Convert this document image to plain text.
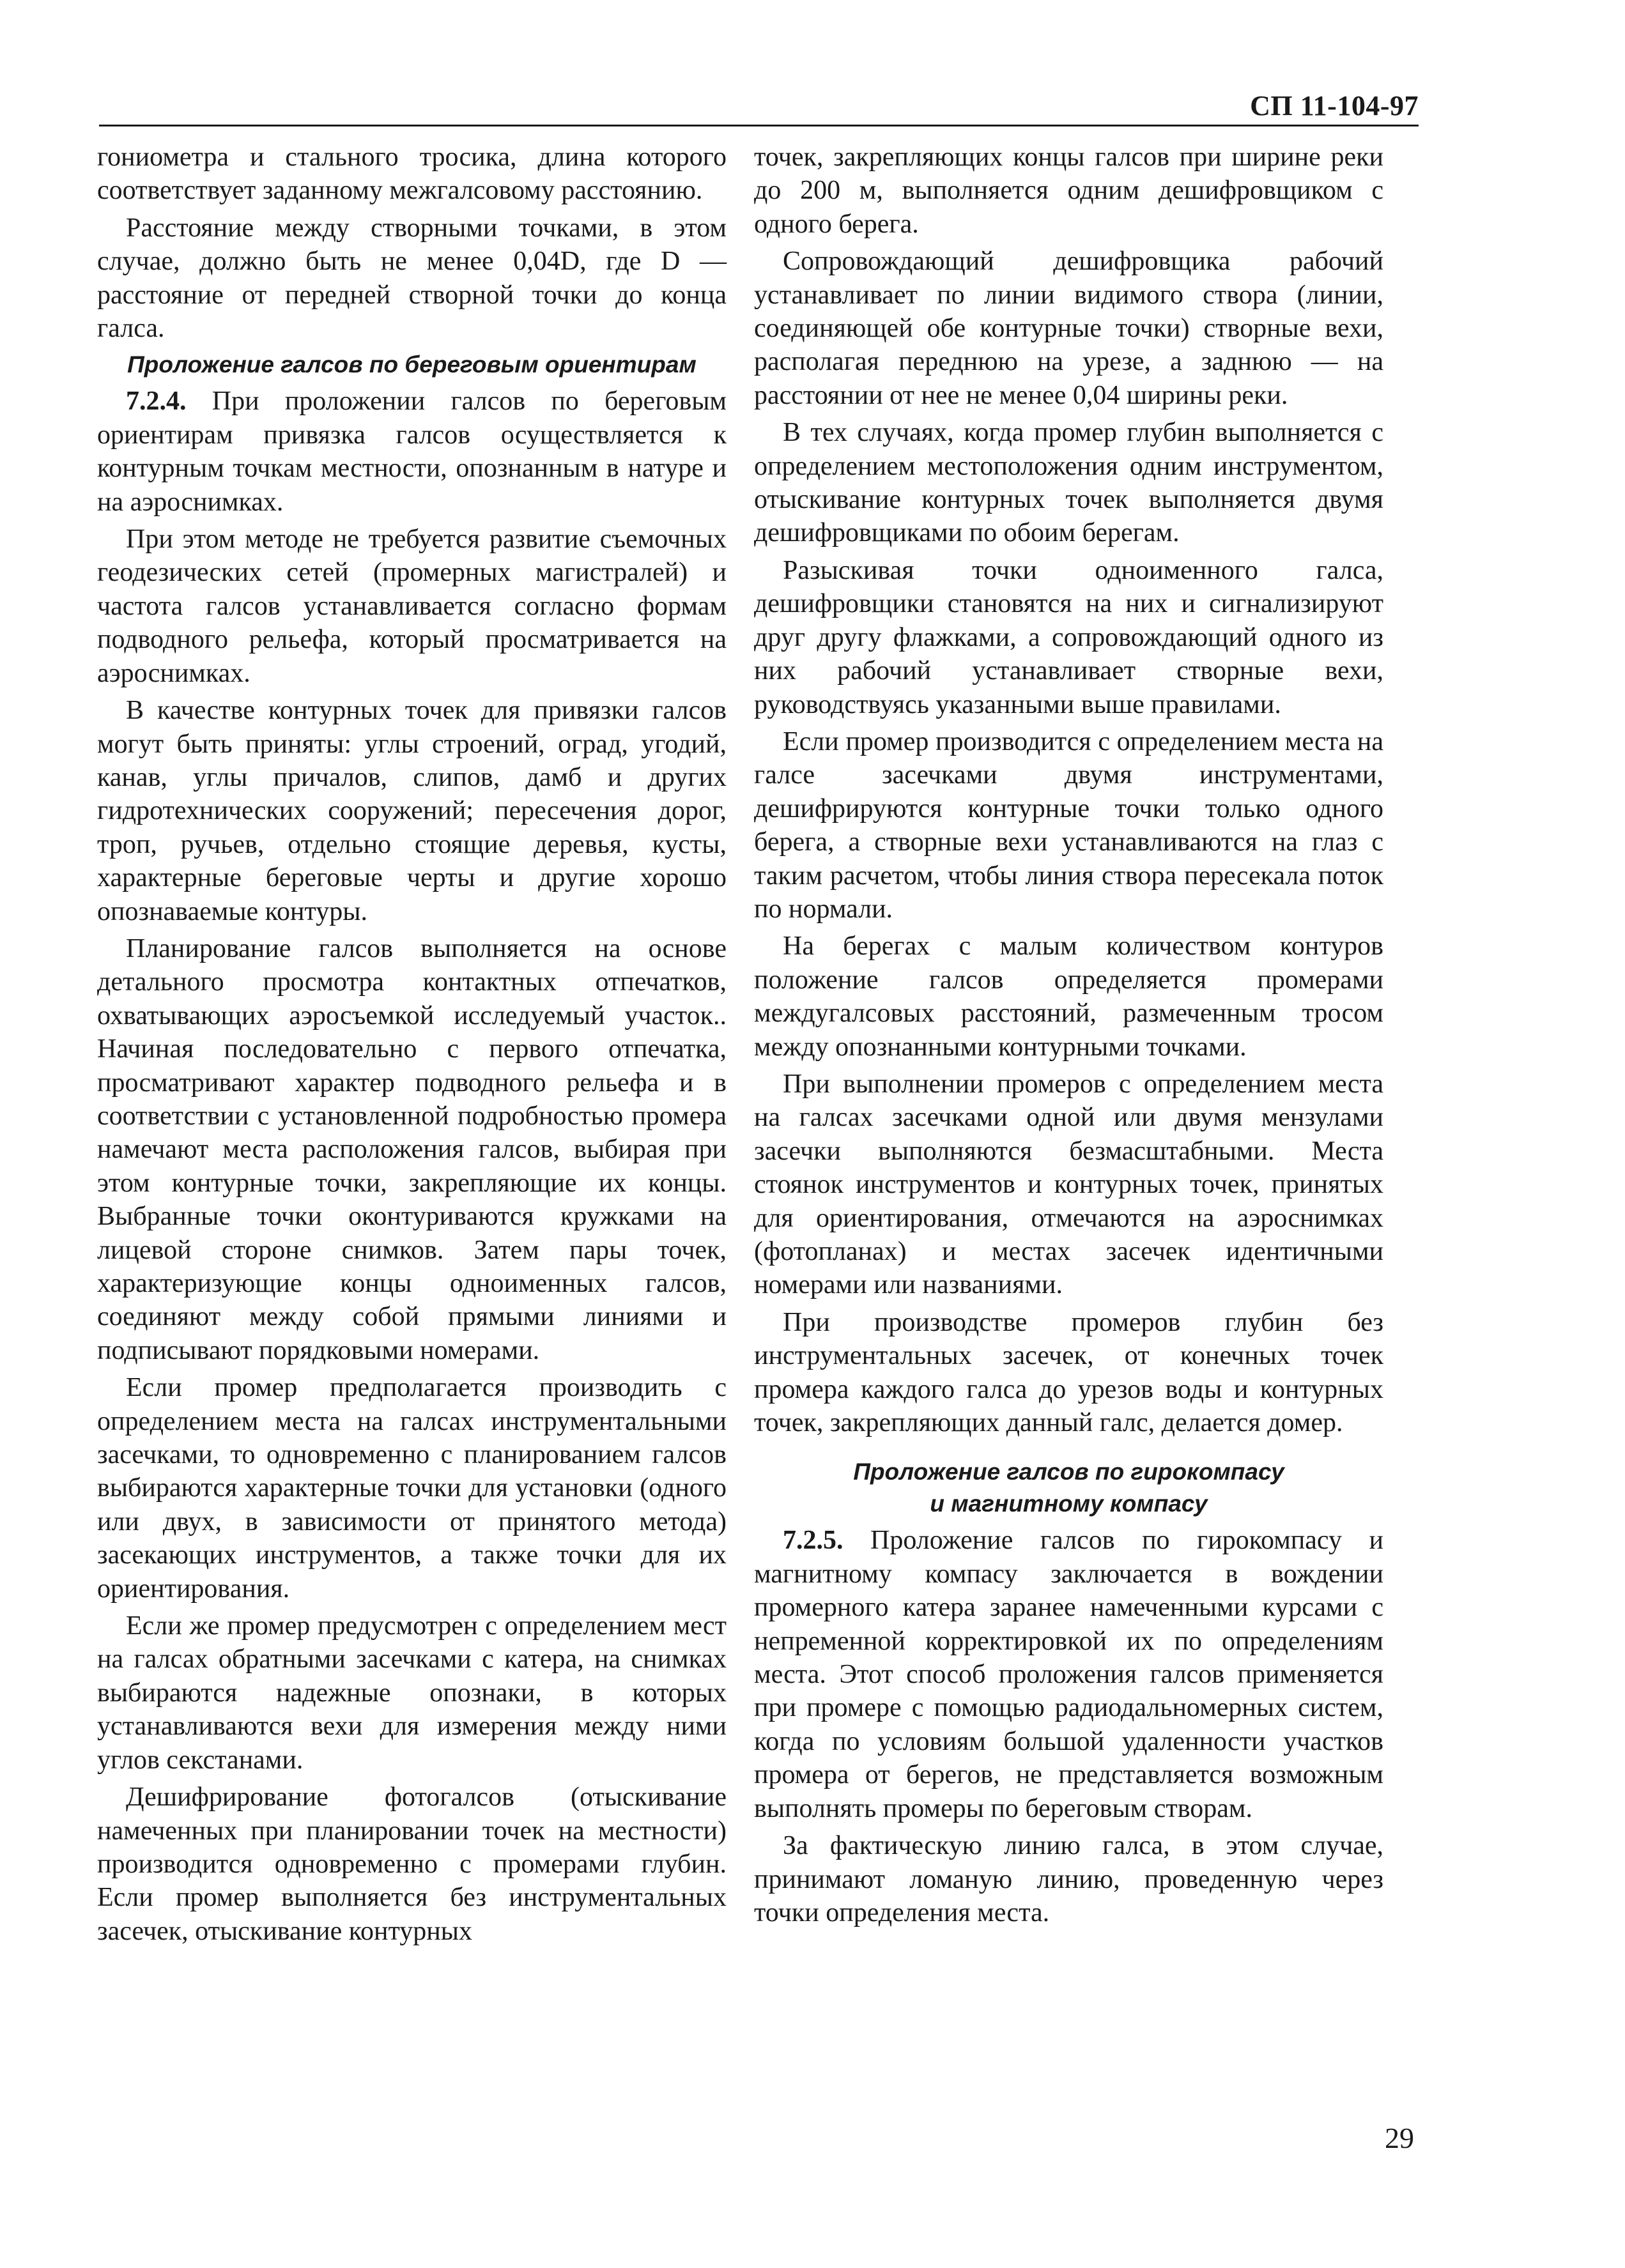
СП 11-104-97

гониометра и стального тросика, длина которого соответствует заданному межгалсовому расстоянию.

Расстояние между створными точками, в этом случае, должно быть не менее 0,04D, где D — расстояние от передней створной точки до конца галса.

Проложение галсов по береговым ориентирам

7.2.4. При проложении галсов по береговым ориентирам привязка галсов осуществляется к контурным точкам местности, опознанным в натуре и на аэроснимках.

При этом методе не требуется развитие съемочных геодезических сетей (промерных магистралей) и частота галсов устанавливается согласно формам подводного рельефа, который просматривается на аэроснимках.

В качестве контурных точек для привязки галсов могут быть приняты: углы строений, оград, угодий, канав, углы причалов, слипов, дамб и других гидротехнических сооружений; пересечения дорог, троп, ручьев, отдельно стоящие деревья, кусты, характерные береговые черты и другие хорошо опознаваемые контуры.

Планирование галсов выполняется на основе детального просмотра контактных отпечатков, охватывающих аэросъемкой исследуемый участок.. Начиная последовательно с первого отпечатка, просматривают характер подводного рельефа и в соответствии с установленной подробностью промера намечают места расположения галсов, выбирая при этом контурные точки, закрепляющие их концы. Выбранные точки оконтуриваются кружками на лицевой стороне снимков. Затем пары точек, характеризующие концы одноименных галсов, соединяют между собой прямыми линиями и подписывают порядковыми номерами.

Если промер предполагается производить с определением места на галсах инструментальными засечками, то одновременно с планированием галсов выбираются характерные точки для установки (одного или двух, в зависимости от принятого метода) засекающих инструментов, а также точки для их ориентирования.

Если же промер предусмотрен с определением мест на галсах обратными засечками с катера, на снимках выбираются надежные опознаки, в которых устанавливаются вехи для измерения между ними углов секстанами.

Дешифрирование фотогалсов (отыскивание намеченных при планировании точек на местности) производится одновременно с промерами глубин. Если промер выполняется без инструментальных засечек, отыскивание контурных

точек, закрепляющих концы галсов при ширине реки до 200 м, выполняется одним дешифровщиком с одного берега.

Сопровождающий дешифровщика рабочий устанавливает по линии видимого створа (линии, соединяющей обе контурные точки) створные вехи, располагая переднюю на урезе, а заднюю — на расстоянии от нее не менее 0,04 ширины реки.

В тех случаях, когда промер глубин выполняется с определением местоположения одним инструментом, отыскивание контурных точек выполняется двумя дешифровщиками по обоим берегам.

Разыскивая точки одноименного галса, дешифровщики становятся на них и сигнализируют друг другу флажками, а сопровождающий одного из них рабочий устанавливает створные вехи, руководствуясь указанными выше правилами.

Если промер производится с определением места на галсе засечками двумя инструментами, дешифрируются контурные точки только одного берега, а створные вехи устанавливаются на глаз с таким расчетом, чтобы линия створа пересекала поток по нормали.

На берегах с малым количеством контуров положение галсов определяется промерами междугалсовых расстояний, размеченным тросом между опознанными контурными точками.

При выполнении промеров с определением места на галсах засечками одной или двумя мензулами засечки выполняются безмасштабными. Места стоянок инструментов и контурных точек, принятых для ориентирования, отмечаются на аэроснимках (фотопланах) и местах засечек идентичными номерами или названиями.

При производстве промеров глубин без инструментальных засечек, от конечных точек промера каждого галса до урезов воды и контурных точек, закрепляющих данный галс, делается домер.

Проложение галсов по гирокомпасу
и магнитному компасу

7.2.5. Проложение галсов по гирокомпасу и магнитному компасу заключается в вождении промерного катера заранее намеченными курсами с непременной корректировкой их по определениям места. Этот способ проложения галсов применяется при промере с помощью радиодальномерных систем, когда по условиям большой удаленности участков промера от берегов, не представляется возможным выполнять промеры по береговым створам.

За фактическую линию галса, в этом случае, принимают ломаную линию, проведенную через точки определения места.

29
